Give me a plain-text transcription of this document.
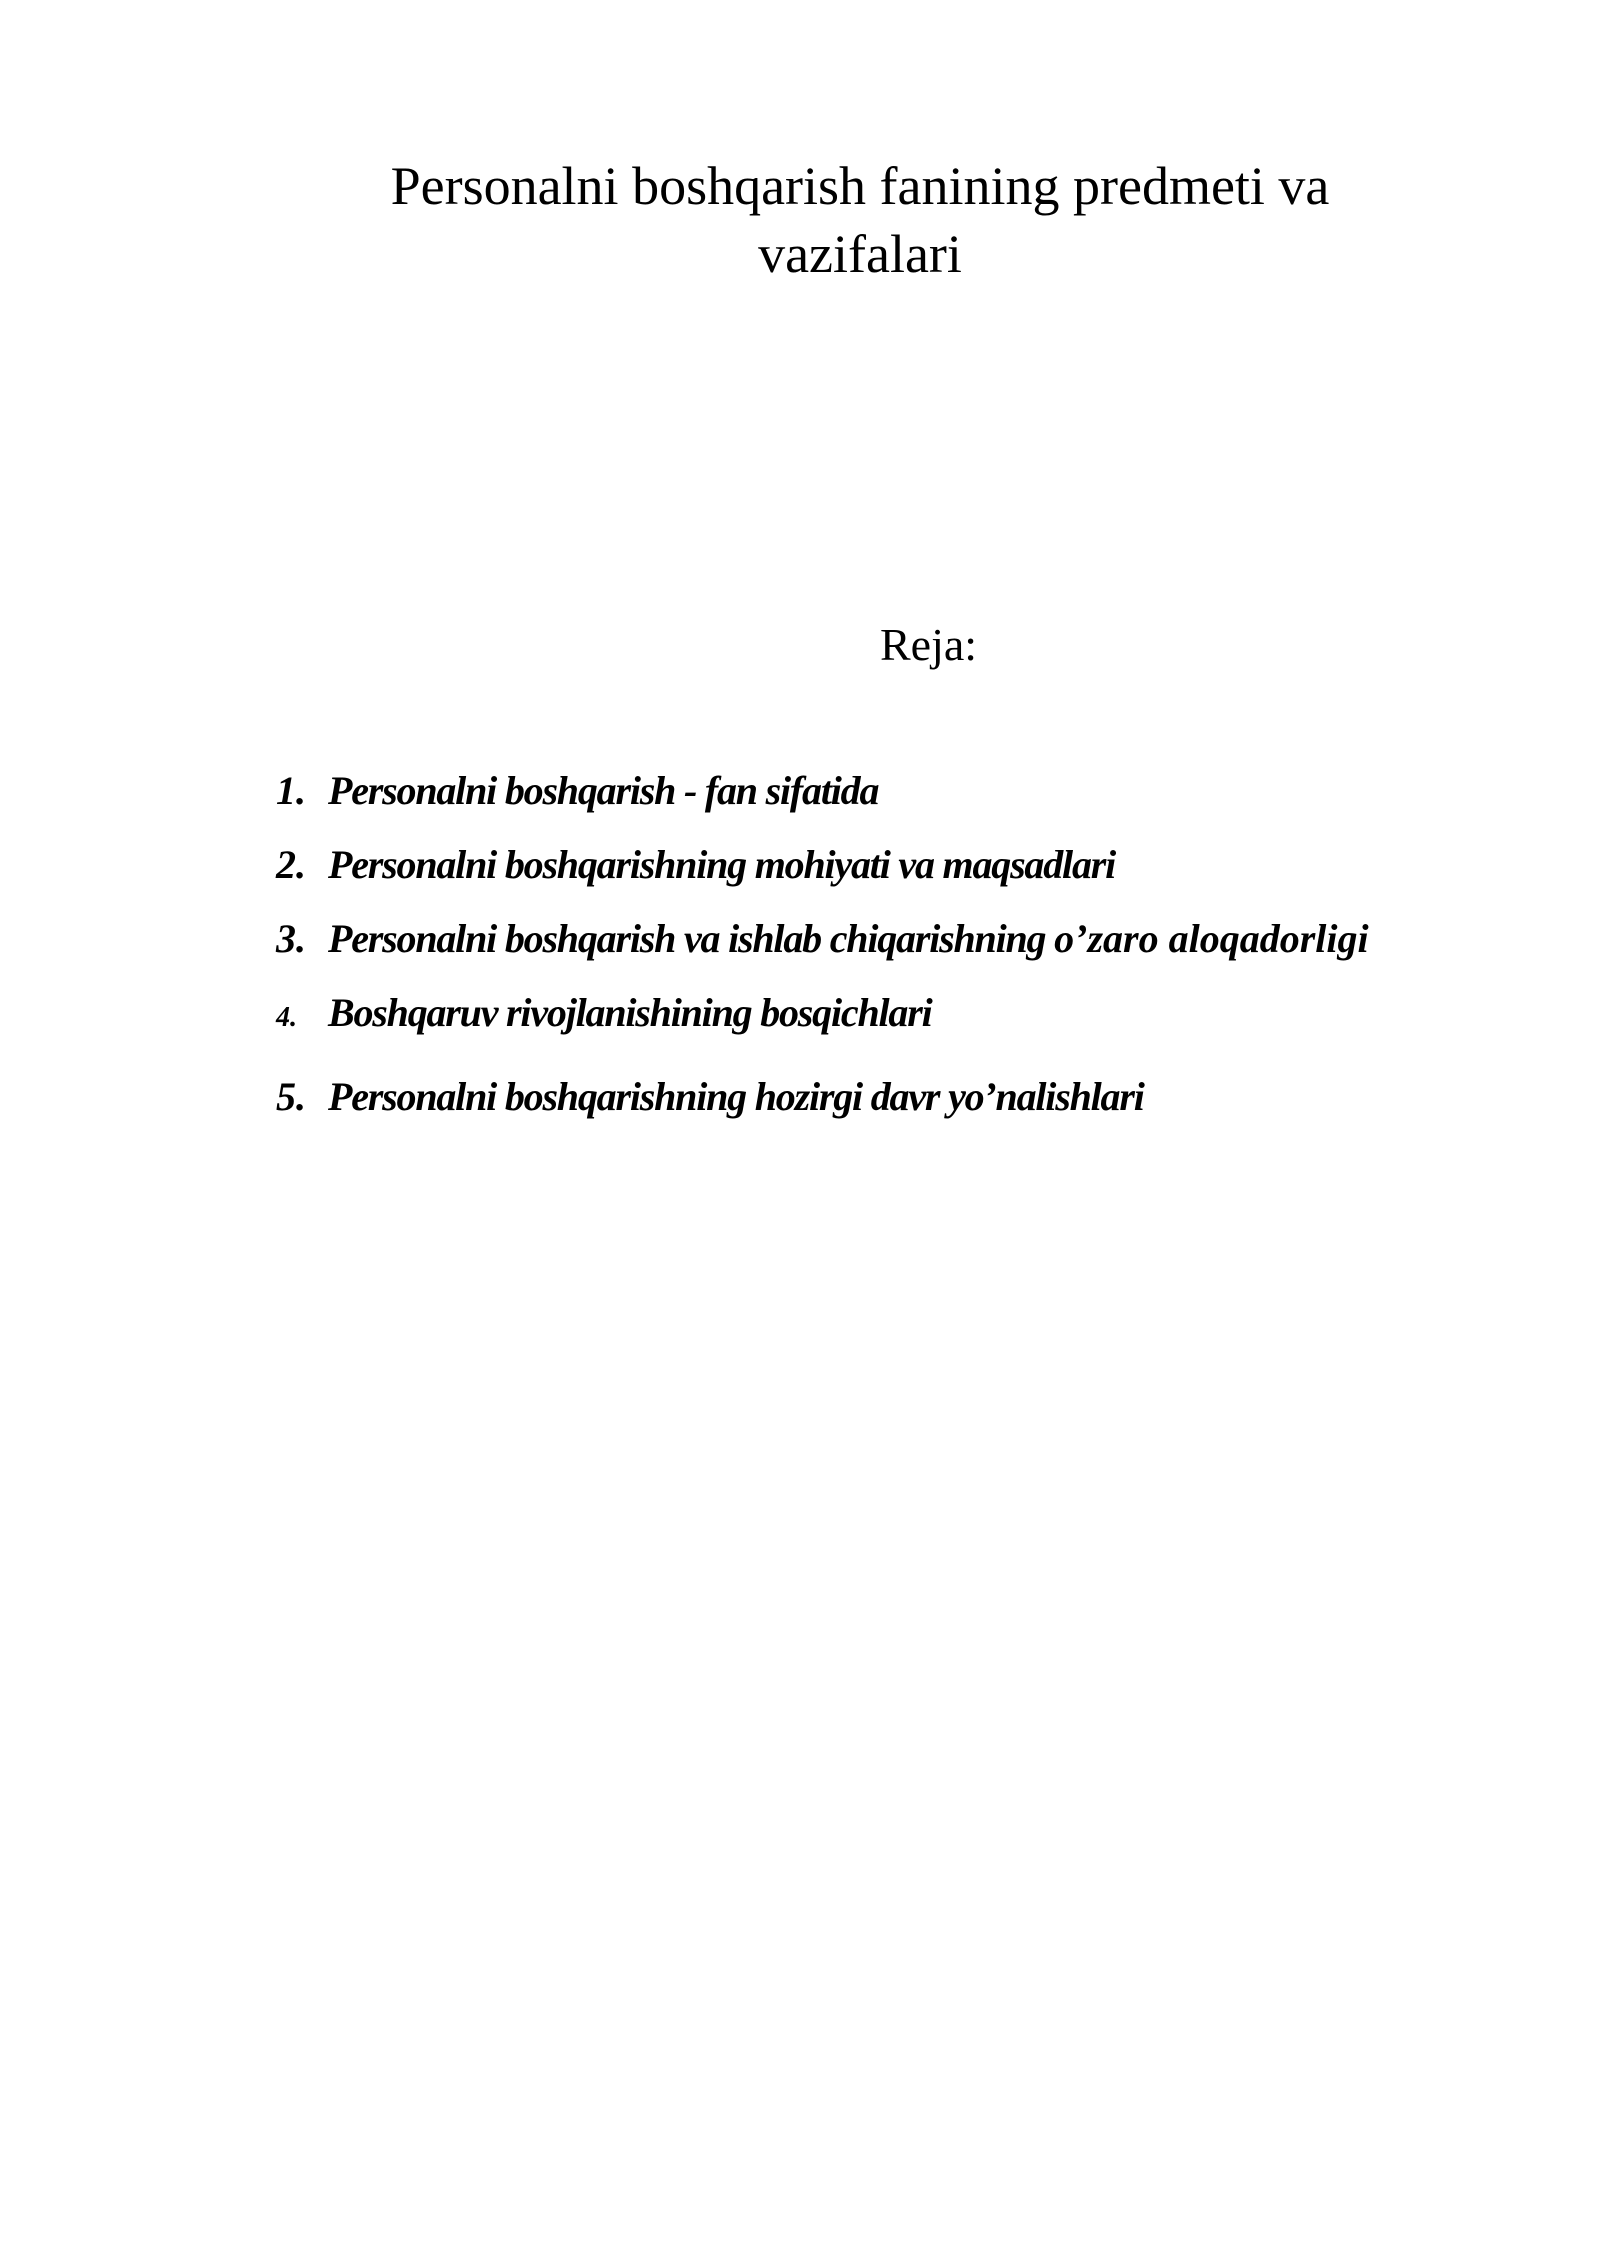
Personalni boshqarish fanining predmeti va vazifalari

Reja:

1. Personalni boshqarish - fan sifatida
2. Personalni boshqarishning mohiyati va maqsadlari
3. Personalni boshqarish va ishlab chiqarishning o’zaro aloqadorligi
4. Boshqaruv rivojlanishining bosqichlari
5. Personalni boshqarishning hozirgi davr yo’nalishlari
